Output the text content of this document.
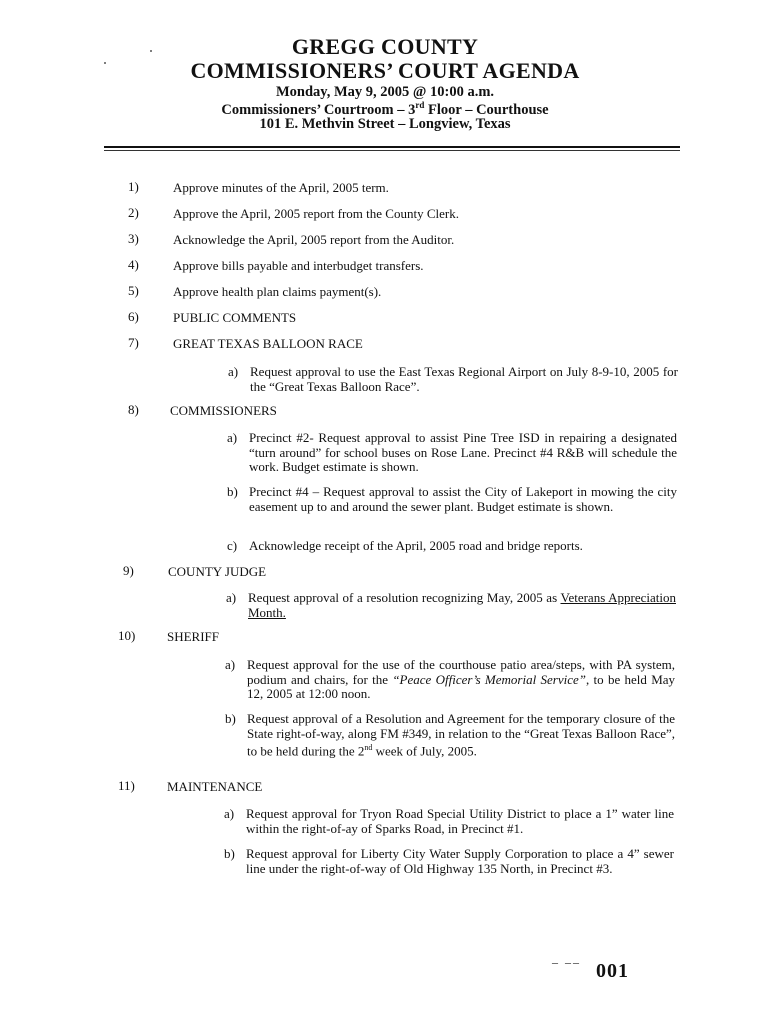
GREGG COUNTY
COMMISSIONERS’ COURT AGENDA
Monday, May 9, 2005 @ 10:00 a.m.
Commissioners’ Courtroom – 3rd Floor – Courthouse
101 E. Methvin Street – Longview, Texas
1)	Approve minutes of the April, 2005 term.
2)	Approve the April, 2005 report from the County Clerk.
3)	Acknowledge the April, 2005 report from the Auditor.
4)	Approve bills payable and interbudget transfers.
5)	Approve health plan claims payment(s).
6)	PUBLIC COMMENTS
7)	GREAT TEXAS BALLOON RACE
a) Request approval to use the East Texas Regional Airport on July 8-9-10, 2005 for the “Great Texas Balloon Race”.
8) COMMISSIONERS
a) Precinct #2- Request approval to assist Pine Tree ISD in repairing a designated “turn around” for school buses on Rose Lane. Precinct #4 R&B will schedule the work. Budget estimate is shown.
b) Precinct #4 – Request approval to assist the City of Lakeport in mowing the city easement up to and around the sewer plant. Budget estimate is shown.
c) Acknowledge receipt of the April, 2005 road and bridge reports.
9)	COUNTY JUDGE
a) Request approval of a resolution recognizing May, 2005 as Veterans Appreciation Month.
10) SHERIFF
a) Request approval for the use of the courthouse patio area/steps, with PA system, podium and chairs, for the “Peace Officer’s Memorial Service”, to be held May 12, 2005 at 12:00 noon.
b) Request approval of a Resolution and Agreement for the temporary closure of the State right-of-way, along FM #349, in relation to the “Great Texas Balloon Race”, to be held during the 2nd week of July, 2005.
11) MAINTENANCE
a) Request approval for Tryon Road Special Utility District to place a 1” water line within the right-of-ay of Sparks Road, in Precinct #1.
b) Request approval for Liberty City Water Supply Corporation to place a 4” sewer line under the right-of-way of Old Highway 135 North, in Precinct #3.
– –– 001
